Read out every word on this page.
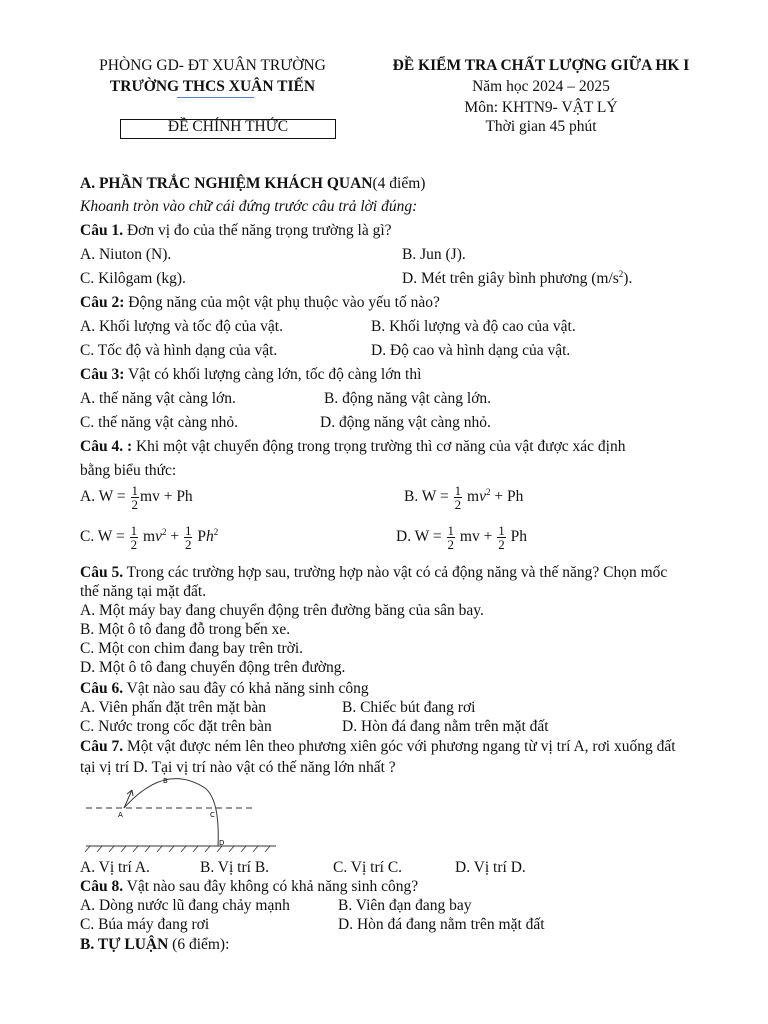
PHÒNG GD- ĐT XUÂN TRƯỜNG
TRƯỜNG THCS XUÂN TIẾN
ĐỀ CHÍNH THỨC
ĐỀ KIỂM TRA CHẤT LƯỢNG GIỮA HK I
Năm học 2024 – 2025
Môn: KHTN9- VẬT LÝ
Thời gian 45 phút
A. PHẦN TRẮC NGHIỆM KHÁCH QUAN(4 điểm)
Khoanh tròn vào chữ cái đứng trước câu trả lời đúng:
Câu 1. Đơn vị đo của thế năng trọng trường là gì?
A. Niuton (N).	B. Jun (J).
C. Kilôgam (kg).	D. Mét trên giây bình phương $(m/s^2)$.
Câu 2: Động năng của một vật phụ thuộc vào yếu tố nào?
A. Khối lượng và tốc độ của vật.	B. Khối lượng và độ cao của vật.
C. Tốc độ và hình dạng của vật.	D. Độ cao và hình dạng của vật.
Câu 3: Vật có khối lượng càng lớn, tốc độ càng lớn thì
A. thế năng vật càng lớn.	B. động năng vật càng lớn.
C. thế năng vật càng nhỏ.	D. động năng vật càng nhỏ.
Câu 4. : Khi một vật chuyển động trong trọng trường thì cơ năng của vật được xác định
bằng biểu thức:
A. $W = \frac{1}{2}$ mv + Ph	B. $W = \frac{1}{2} mv^2 + Ph$
C. $W = \frac{1}{2} mv^2 + \frac{1}{2} Ph^2$	D. $W = \frac{1}{2}$ mv + $\frac{1}{2}$ Ph
Câu 5. Trong các trường hợp sau, trường hợp nào vật có cả động năng và thế năng? Chọn mốc
thế năng tại mặt đất.
A. Một máy bay đang chuyển động trên đường băng của sân bay.
B. Một ô tô đang đỗ trong bến xe.
C. Một con chim đang bay trên trời.
D. Một ô tô đang chuyển động trên đường.
Câu 6. Vật nào sau đây có khả năng sinh công
A. Viên phấn đặt trên mặt bàn	B. Chiếc bút đang rơi
C. Nước trong cốc đặt trên bàn	D. Hòn đá đang nằm trên mặt đất
Câu 7. Một vật được ném lên theo phương xiên góc với phương ngang từ vị trí A, rơi xuống đất
tại vị trí D. Tại vị trí nào vật có thế năng lớn nhất ?
A
B
C
D
A. Vị trí A.	B. Vị trí B.	C. Vị trí C.	D. Vị trí D.
Câu 8. Vật nào sau đây không có khả năng sinh công?
A. Dòng nước lũ đang chảy mạnh	B. Viên đạn đang bay
C. Búa máy đang rơi	D. Hòn đá đang nằm trên mặt đất
B. TỰ LUẬN (6 điểm):
